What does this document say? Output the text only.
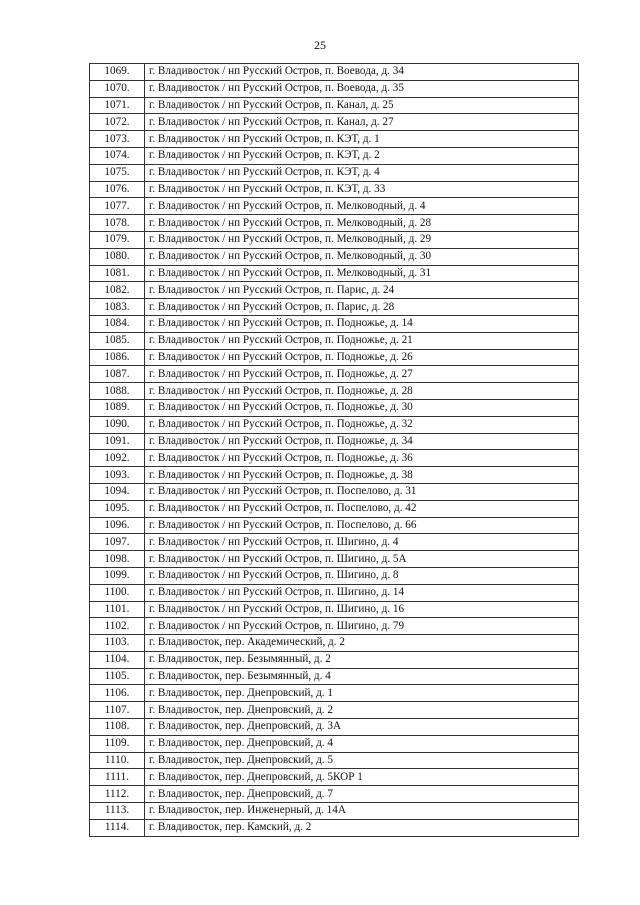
25
1069.	г. Владивосток / нп Русский Остров, п. Воевода, д. 34
1070.	г. Владивосток / нп Русский Остров, п. Воевода, д. 35
1071.	г. Владивосток / нп Русский Остров, п. Канал, д. 25
1072.	г. Владивосток / нп Русский Остров, п. Канал, д. 27
1073.	г. Владивосток / нп Русский Остров, п. КЭТ, д. 1
1074.	г. Владивосток / нп Русский Остров, п. КЭТ, д. 2
1075.	г. Владивосток / нп Русский Остров, п. КЭТ, д. 4
1076.	г. Владивосток / нп Русский Остров, п. КЭТ, д. 33
1077.	г. Владивосток / нп Русский Остров, п. Мелководный, д. 4
1078.	г. Владивосток / нп Русский Остров, п. Мелководный, д. 28
1079.	г. Владивосток / нп Русский Остров, п. Мелководный, д. 29
1080.	г. Владивосток / нп Русский Остров, п. Мелководный, д. 30
1081.	г. Владивосток / нп Русский Остров, п. Мелководный, д. 31
1082.	г. Владивосток / нп Русский Остров, п. Парис, д. 24
1083.	г. Владивосток / нп Русский Остров, п. Парис, д. 28
1084.	г. Владивосток / нп Русский Остров, п. Подножье, д. 14
1085.	г. Владивосток / нп Русский Остров, п. Подножье, д. 21
1086.	г. Владивосток / нп Русский Остров, п. Подножье, д. 26
1087.	г. Владивосток / нп Русский Остров, п. Подножье, д. 27
1088.	г. Владивосток / нп Русский Остров, п. Подножье, д. 28
1089.	г. Владивосток / нп Русский Остров, п. Подножье, д. 30
1090.	г. Владивосток / нп Русский Остров, п. Подножье, д. 32
1091.	г. Владивосток / нп Русский Остров, п. Подножье, д. 34
1092.	г. Владивосток / нп Русский Остров, п. Подножье, д. 36
1093.	г. Владивосток / нп Русский Остров, п. Подножье, д. 38
1094.	г. Владивосток / нп Русский Остров, п. Поспелово, д. 31
1095.	г. Владивосток / нп Русский Остров, п. Поспелово, д. 42
1096.	г. Владивосток / нп Русский Остров, п. Поспелово, д. 66
1097.	г. Владивосток / нп Русский Остров, п. Шигино, д. 4
1098.	г. Владивосток / нп Русский Остров, п. Шигино, д. 5А
1099.	г. Владивосток / нп Русский Остров, п. Шигино, д. 8
1100.	г. Владивосток / нп Русский Остров, п. Шигино, д. 14
1101.	г. Владивосток / нп Русский Остров, п. Шигино, д. 16
1102.	г. Владивосток / нп Русский Остров, п. Шигино, д. 79
1103.	г. Владивосток, пер. Академический, д. 2
1104.	г. Владивосток, пер. Безымянный, д. 2
1105.	г. Владивосток, пер. Безымянный, д. 4
1106.	г. Владивосток, пер. Днепровский, д. 1
1107.	г. Владивосток, пер. Днепровский, д. 2
1108.	г. Владивосток, пер. Днепровский, д. 3А
1109.	г. Владивосток, пер. Днепровский, д. 4
1110.	г. Владивосток, пер. Днепровский, д. 5
1111.	г. Владивосток, пер. Днепровский, д. 5КОР 1
1112.	г. Владивосток, пер. Днепровский, д. 7
1113.	г. Владивосток, пер. Инженерный, д. 14А
1114.	г. Владивосток, пер. Камский, д. 2
